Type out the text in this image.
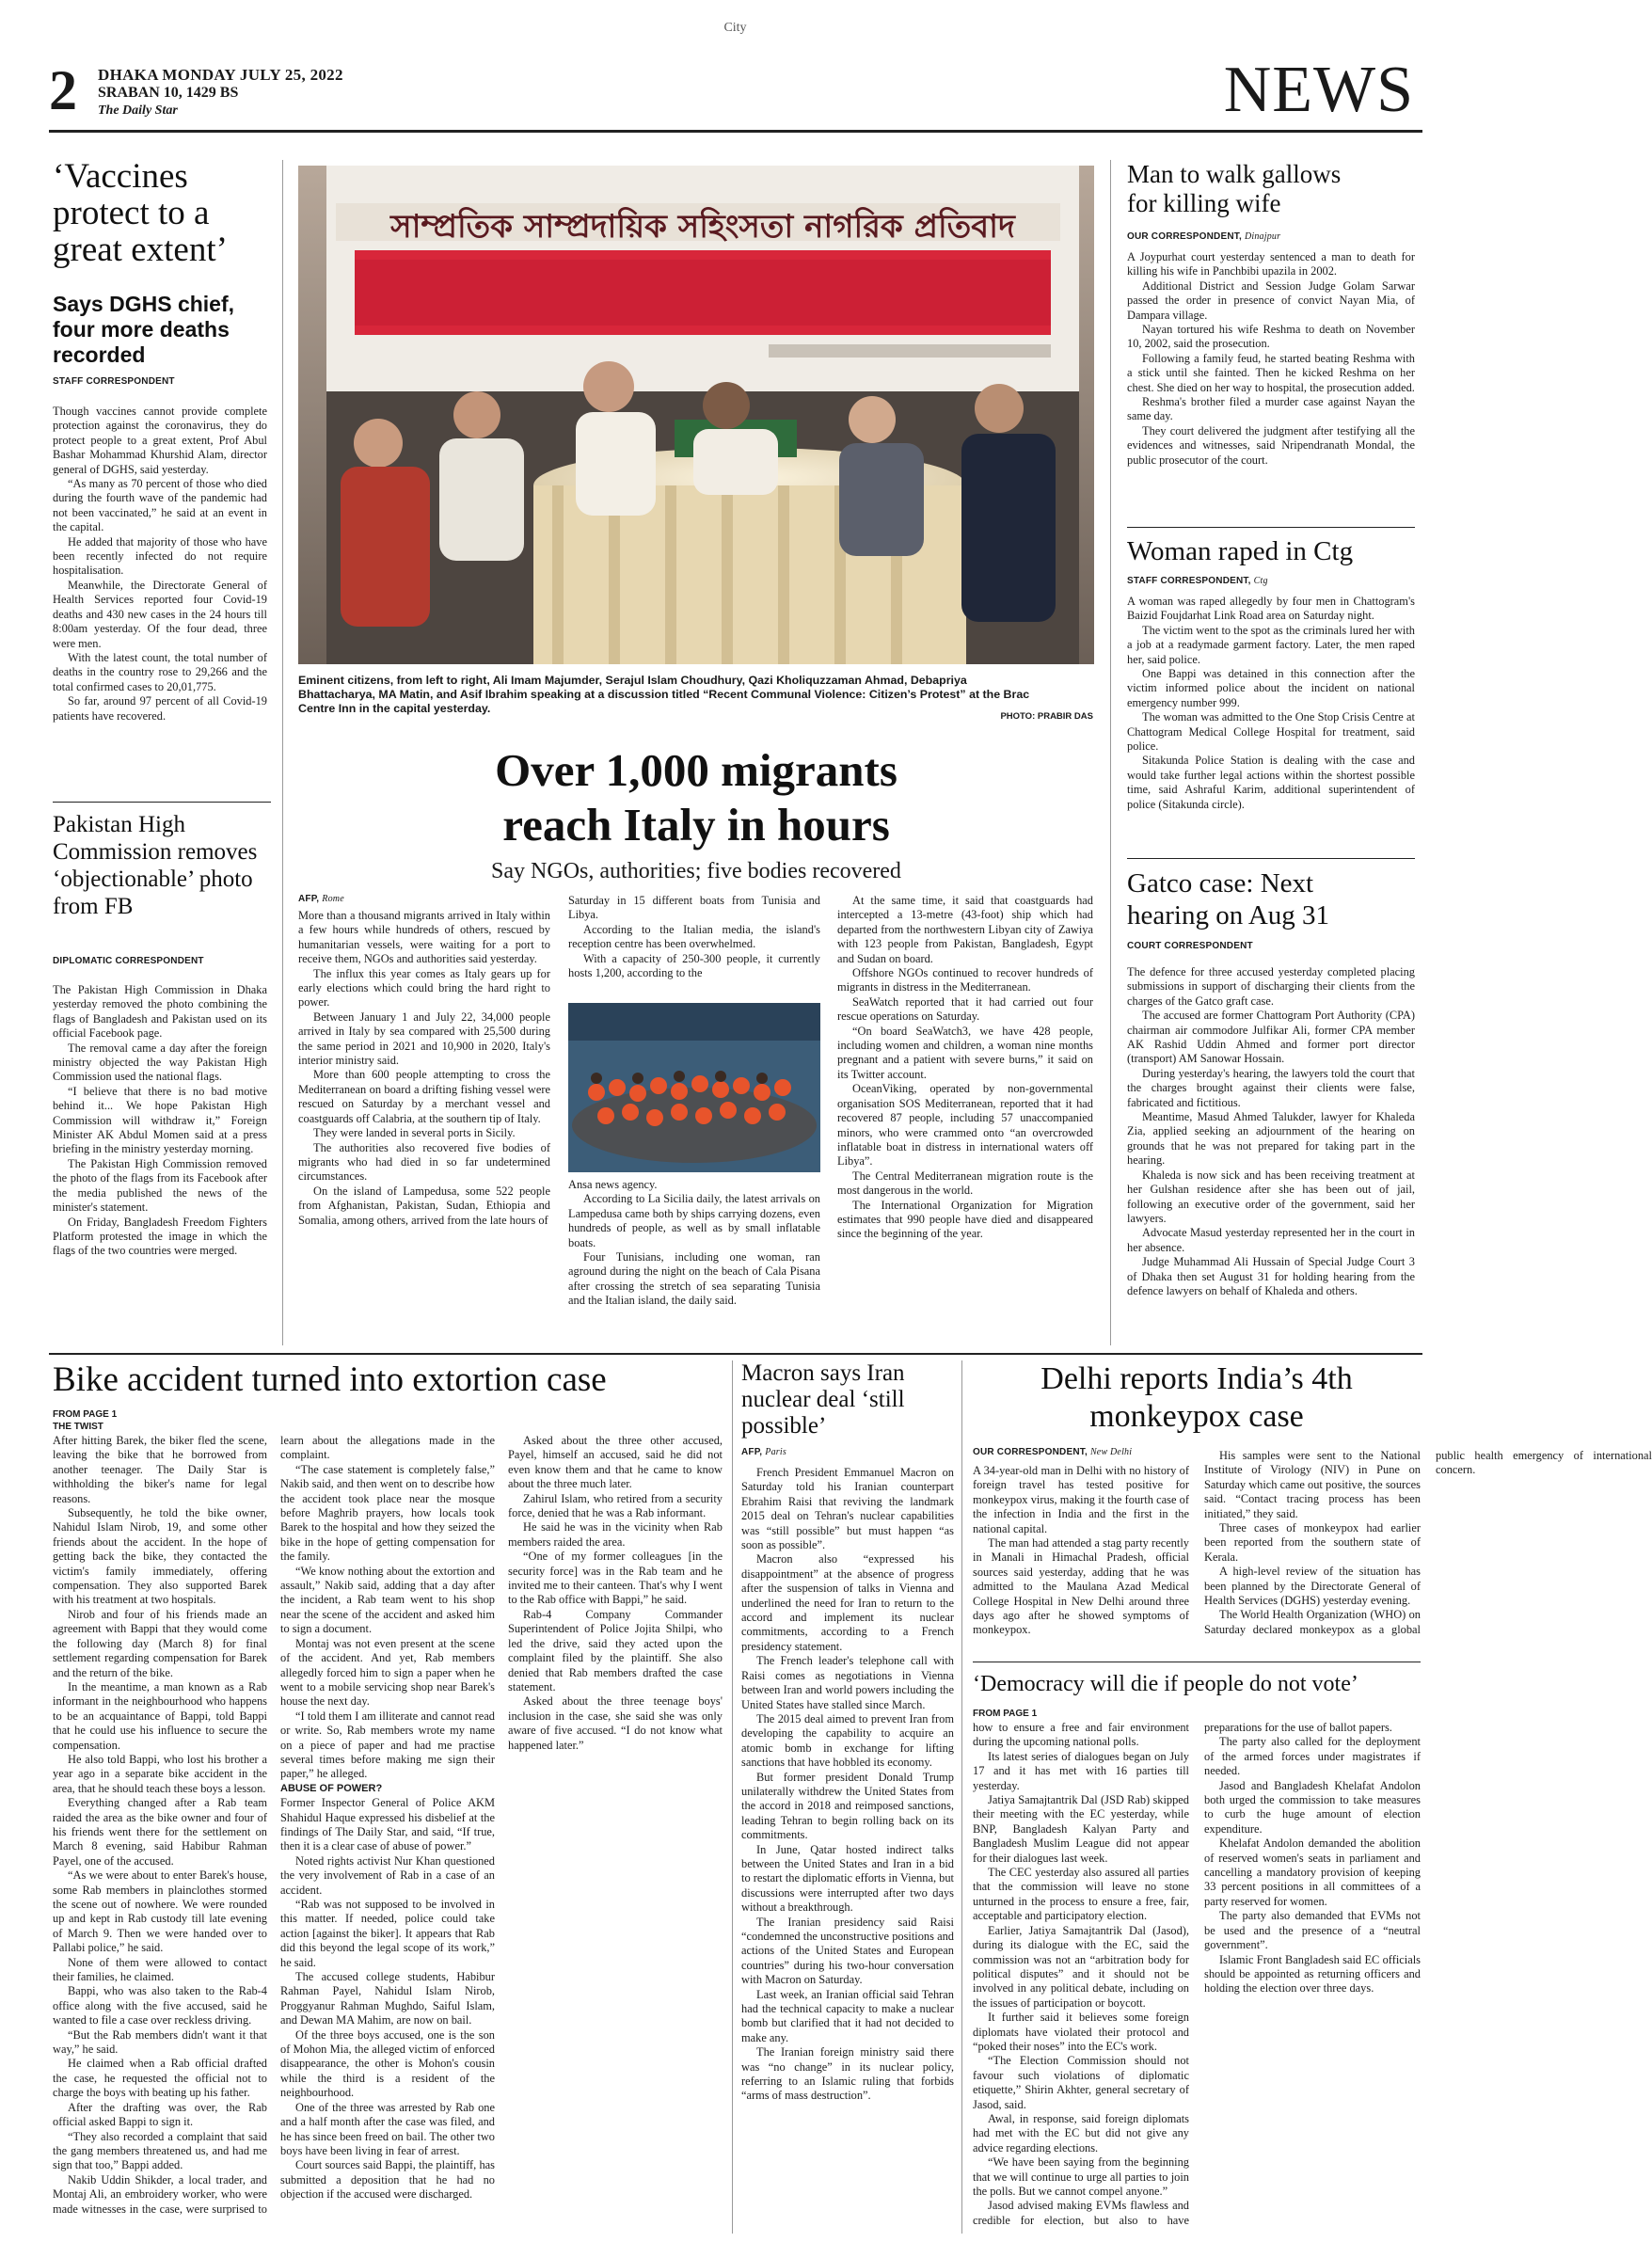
City
2 DHAKA MONDAY JULY 25, 2022
SRABAN 10, 1429 BS
The Daily Star	NEWS
‘Vaccines protect to a great extent’
Says DGHS chief, four more deaths recorded
STAFF CORRESPONDENT

Though vaccines cannot provide complete protection against the coronavirus, they do protect people to a great extent, Prof Abul Bashar Mohammad Khurshid Alam, director general of DGHS, said yesterday.

“As many as 70 percent of those who died during the fourth wave of the pandemic had not been vaccinated,” he said at an event in the capital.

He added that majority of those who have been recently infected do not require hospitalisation.

Meanwhile, the Directorate General of Health Services reported four Covid-19 deaths and 430 new cases in the 24 hours till 8:00am yesterday. Of the four dead, three were men.

With the latest count, the total number of deaths in the country rose to 29,266 and the total confirmed cases to 20,01,775.

So far, around 97 percent of all Covid-19 patients have recovered.

Pakistan High Commission removes ‘objectionable’ photo from FB
DIPLOMATIC CORRESPONDENT

The Pakistan High Commission in Dhaka yesterday removed the photo combining the flags of Bangladesh and Pakistan used on its official Facebook page.

The removal came a day after the foreign ministry objected the way Pakistan High Commission used the national flags.

“I believe that there is no bad motive behind it... We hope Pakistan High Commission will withdraw it,” Foreign Minister AK Abdul Momen said at a press briefing in the ministry yesterday morning.

The Pakistan High Commission removed the photo of the flags from its Facebook after the media published the news of the minister's statement.

On Friday, Bangladesh Freedom Fighters Platform protested the image in which the flags of the two countries were merged.

সাম্প্রতিক সাম্প্রদায়িক সহিংসতা নাগরিক প্রতিবাদ
Eminent citizens, from left to right, Ali Imam Majumder, Serajul Islam Choudhury, Qazi Kholiquzzaman Ahmad, Debapriya Bhattacharya, MA Matin, and Asif Ibrahim speaking at a discussion titled “Recent Communal Violence: Citizen’s Protest” at the Brac Centre Inn in the capital yesterday.
PHOTO: PRABIR DAS
Over 1,000 migrants reach Italy in hours
Say NGOs, authorities; five bodies recovered
AFP, Rome

More than a thousand migrants arrived in Italy within a few hours while hundreds of others, rescued by humanitarian vessels, were waiting for a port to receive them, NGOs and authorities said yesterday.

The influx this year comes as Italy gears up for early elections which could bring the hard right to power.

Between January 1 and July 22, 34,000 people arrived in Italy by sea compared with 25,500 during the same period in 2021 and 10,900 in 2020, Italy's interior ministry said.

More than 600 people attempting to cross the Mediterranean on board a drifting fishing vessel were rescued on Saturday by a merchant vessel and coastguards off Calabria, at the southern tip of Italy.

They were landed in several ports in Sicily.

The authorities also recovered five bodies of migrants who had died in so far undetermined circumstances.

On the island of Lampedusa, some 522 people from Afghanistan, Pakistan, Sudan, Ethiopia and Somalia, among others, arrived from the late hours of

Saturday in 15 different boats from Tunisia and Libya.

According to the Italian media, the island's reception centre has been overwhelmed.

With a capacity of 250-300 people, it currently hosts 1,200, according to the

Ansa news agency.

According to La Sicilia daily, the latest arrivals on Lampedusa came both by ships carrying dozens, even hundreds of people, as well as by small inflatable boats.

Four Tunisians, including one woman, ran aground during the night on the beach of Cala Pisana after crossing the stretch of sea separating Tunisia and the Italian island, the daily said.

At the same time, it said that coastguards had intercepted a 13-metre (43-foot) ship which had departed from the northwestern Libyan city of Zawiya with 123 people from Pakistan, Bangladesh, Egypt and Sudan on board.

Offshore NGOs continued to recover hundreds of migrants in distress in the Mediterranean.

SeaWatch reported that it had carried out four rescue operations on Saturday.

“On board SeaWatch3, we have 428 people, including women and children, a woman nine months pregnant and a patient with severe burns,” it said on its Twitter account.

OceanViking, operated by non-governmental organisation SOS Mediterranean, reported that it had recovered 87 people, including 57 unaccompanied minors, who were crammed onto “an overcrowded inflatable boat in distress in international waters off Libya”.

The Central Mediterranean migration route is the most dangerous in the world.

The International Organization for Migration estimates that 990 people have died and disappeared since the beginning of the year.

Man to walk gallows for killing wife
OUR CORRESPONDENT, Dinajpur

A Joypurhat court yesterday sentenced a man to death for killing his wife in Panchbibi upazila in 2002.

Additional District and Session Judge Golam Sarwar passed the order in presence of convict Nayan Mia, of Dampara village.

Nayan tortured his wife Reshma to death on November 10, 2002, said the prosecution.

Following a family feud, he started beating Reshma with a stick until she fainted. Then he kicked Reshma on her chest. She died on her way to hospital, the prosecution added.

Reshma's brother filed a murder case against Nayan the same day.

They court delivered the judgment after testifying all the evidences and witnesses, said Nripendranath Mondal, the public prosecutor of the court.

Woman raped in Ctg
STAFF CORRESPONDENT, Ctg

A woman was raped allegedly by four men in Chattogram's Baizid Foujdarhat Link Road area on Saturday night.

The victim went to the spot as the criminals lured her with a job at a readymade garment factory. Later, the men raped her, said police.

One Bappi was detained in this connection after the victim informed police about the incident on national emergency number 999.

The woman was admitted to the One Stop Crisis Centre at Chattogram Medical College Hospital for treatment, said police.

Sitakunda Police Station is dealing with the case and would take further legal actions within the shortest possible time, said Ashraful Karim, additional superintendent of police (Sitakunda circle).

Gatco case: Next hearing on Aug 31
COURT CORRESPONDENT

The defence for three accused yesterday completed placing submissions in support of discharging their clients from the charges of the Gatco graft case.

The accused are former Chattogram Port Authority (CPA) chairman air commodore Julfikar Ali, former CPA member AK Rashid Uddin Ahmed and former port director (transport) AM Sanowar Hossain.

During yesterday's hearing, the lawyers told the court that the charges brought against their clients were false, fabricated and fictitious.

Meantime, Masud Ahmed Talukder, lawyer for Khaleda Zia, applied seeking an adjournment of the hearing on grounds that he was not prepared for taking part in the hearing.

Khaleda is now sick and has been receiving treatment at her Gulshan residence after she has been out of jail, following an executive order of the government, said her lawyers.

Advocate Masud yesterday represented her in the court in her absence.

Judge Muhammad Ali Hussain of Special Judge Court 3 of Dhaka then set August 31 for holding hearing from the defence lawyers on behalf of Khaleda and others.

Bike accident turned into extortion case
FROM PAGE 1
THE TWIST

After hitting Barek, the biker fled the scene, leaving the bike that he borrowed from another teenager. The Daily Star is withholding the biker's name for legal reasons.

Subsequently, he told the bike owner, Nahidul Islam Nirob, 19, and some other friends about the accident. In the hope of getting back the bike, they contacted the victim's family immediately, offering compensation. They also supported Barek with his treatment at two hospitals.

Nirob and four of his friends made an agreement with Bappi that they would come the following day (March 8) for final settlement regarding compensation for Barek and the return of the bike.

In the meantime, a man known as a Rab informant in the neighbourhood who happens to be an acquaintance of Bappi, told Bappi that he could use his influence to secure the compensation.

He also told Bappi, who lost his brother a year ago in a separate bike accident in the area, that he should teach these boys a lesson.

Everything changed after a Rab team raided the area as the bike owner and four of his friends went there for the settlement on March 8 evening, said Habibur Rahman Payel, one of the accused.

“As we were about to enter Barek's house, some Rab members in plainclothes stormed the scene out of nowhere. We were rounded up and kept in Rab custody till late evening of March 9. Then we were handed over to Pallabi police,” he said.

None of them were allowed to contact their families, he claimed.

Bappi, who was also taken to the Rab-4 office along with the five accused, said he wanted to file a case over reckless driving.

“But the Rab members didn't want it that way,” he said.

He claimed when a Rab official drafted the case, he requested the official not to charge the boys with beating up his father.

After the drafting was over, the Rab official asked Bappi to sign it.

“They also recorded a complaint that said the gang members threatened us, and had me sign that too,” Bappi added.

Nakib Uddin Shikder, a local trader, and Montaj Ali, an embroidery worker, who were made witnesses in the case, were surprised to learn about the allegations made in the complaint.

“The case statement is completely false,” Nakib said, and then went on to describe how the accident took place near the mosque before Maghrib prayers, how locals took Barek to the hospital and how they seized the bike in the hope of getting compensation for the family.

“We know nothing about the extortion and assault,” Nakib said, adding that a day after the incident, a Rab team went to his shop near the scene of the accident and asked him to sign a document.

Montaj was not even present at the scene of the accident. And yet, Rab members allegedly forced him to sign a paper when he went to a mobile servicing shop near Barek's house the next day.

“I told them I am illiterate and cannot read or write. So, Rab members wrote my name on a piece of paper and had me practise several times before making me sign their paper,” he alleged.

ABUSE OF POWER?

Former Inspector General of Police AKM Shahidul Haque expressed his disbelief at the findings of The Daily Star, and said, “If true, then it is a clear case of abuse of power.”

Noted rights activist Nur Khan questioned the very involvement of Rab in a case of an accident.

“Rab was not supposed to be involved in this matter. If needed, police could take action [against the biker]. It appears that Rab did this beyond the legal scope of its work,” he said.

The accused college students, Habibur Rahman Payel, Nahidul Islam Nirob, Proggyanur Rahman Mughdo, Saiful Islam, and Dewan MA Mahim, are now on bail.

Of the three boys accused, one is the son of Mohon Mia, the alleged victim of enforced disappearance, the other is Mohon's cousin while the third is a resident of the neighbourhood.

One of the three was arrested by Rab one and a half month after the case was filed, and he has since been freed on bail. The other two boys have been living in fear of arrest.

Court sources said Bappi, the plaintiff, has submitted a deposition that he had no objection if the accused were discharged.

Asked about the three other accused, Payel, himself an accused, said he did not even know them and that he came to know about the three much later.

Zahirul Islam, who retired from a security force, denied that he was a Rab informant.

He said he was in the vicinity when Rab members raided the area.

“One of my former colleagues [in the security force] was in the Rab team and he invited me to their canteen. That's why I went to the Rab office with Bappi,” he said.

Rab-4 Company Commander Superintendent of Police Jojita Shilpi, who led the drive, said they acted upon the complaint filed by the plaintiff. She also denied that Rab members drafted the case statement.

Asked about the three teenage boys' inclusion in the case, she said she was only aware of five accused. “I do not know what happened later.”

Macron says Iran nuclear deal ‘still possible’
AFP, Paris

French President Emmanuel Macron on Saturday told his Iranian counterpart Ebrahim Raisi that reviving the landmark 2015 deal on Tehran's nuclear capabilities was “still possible” but must happen “as soon as possible”.

Macron also “expressed his disappointment” at the absence of progress after the suspension of talks in Vienna and underlined the need for Iran to return to the accord and implement its nuclear commitments, according to a French presidency statement.

The French leader's telephone call with Raisi comes as negotiations in Vienna between Iran and world powers including the United States have stalled since March.

The 2015 deal aimed to prevent Iran from developing the capability to acquire an atomic bomb in exchange for lifting sanctions that have hobbled its economy.

But former president Donald Trump unilaterally withdrew the United States from the accord in 2018 and reimposed sanctions, leading Tehran to begin rolling back on its commitments.

In June, Qatar hosted indirect talks between the United States and Iran in a bid to restart the diplomatic efforts in Vienna, but discussions were interrupted after two days without a breakthrough.

The Iranian presidency said Raisi “condemned the unconstructive positions and actions of the United States and European countries” during his two-hour conversation with Macron on Saturday.

Last week, an Iranian official said Tehran had the technical capacity to make a nuclear bomb but clarified that it had not decided to make any.

The Iranian foreign ministry said there was “no change” in its nuclear policy, referring to an Islamic ruling that forbids “arms of mass destruction”.

Delhi reports India’s 4th monkeypox case
OUR CORRESPONDENT, New Delhi

A 34-year-old man in Delhi with no history of foreign travel has tested positive for monkeypox virus, making it the fourth case of the infection in India and the first in the national capital.

The man had attended a stag party recently in Manali in Himachal Pradesh, official sources said yesterday, adding that he was admitted to the Maulana Azad Medical College Hospital in New Delhi around three days ago after he showed symptoms of monkeypox.

His samples were sent to the National Institute of Virology (NIV) in Pune on Saturday which came out positive, the sources said. “Contact tracing process has been initiated,” they said.

Three cases of monkeypox had earlier been reported from the southern state of Kerala.

A high-level review of the situation has been planned by the Directorate General of Health Services (DGHS) yesterday evening.

The World Health Organization (WHO) on Saturday declared monkeypox as a global public health emergency of international concern.

‘Democracy will die if people do not vote’
FROM PAGE 1

how to ensure a free and fair environment during the upcoming national polls.

Its latest series of dialogues began on July 17 and it has met with 16 parties till yesterday.

Jatiya Samajtantrik Dal (JSD Rab) skipped their meeting with the EC yesterday, while BNP, Bangladesh Kalyan Party and Bangladesh Muslim League did not appear for their dialogues last week.

The CEC yesterday also assured all parties that the commission will leave no stone unturned in the process to ensure a free, fair, acceptable and participatory election.

Earlier, Jatiya Samajtantrik Dal (Jasod), during its dialogue with the EC, said the commission was not an “arbitration body for political disputes” and it should not be involved in any political debate, including on the issues of participation or boycott.

It further said it believes some foreign diplomats have violated their protocol and “poked their noses” into the EC's work.

“The Election Commission should not favour such violations of diplomatic etiquette,” Shirin Akhter, general secretary of Jasod, said.

Awal, in response, said foreign diplomats had met with the EC but did not give any advice regarding elections.

“We have been saying from the beginning that we will continue to urge all parties to join the polls. But we cannot compel anyone.”

Jasod advised making EVMs flawless and credible for election, but also to have preparations for the use of ballot papers.

The party also called for the deployment of the armed forces under magistrates if needed.

Jasod and Bangladesh Khelafat Andolon both urged the commission to take measures to curb the huge amount of election expenditure.

Khelafat Andolon demanded the abolition of reserved women's seats in parliament and cancelling a mandatory provision of keeping 33 percent positions in all committees of a party reserved for women.

The party also demanded that EVMs not be used and the presence of a “neutral government”.

Islamic Front Bangladesh said EC officials should be appointed as returning officers and holding the election over three days.
